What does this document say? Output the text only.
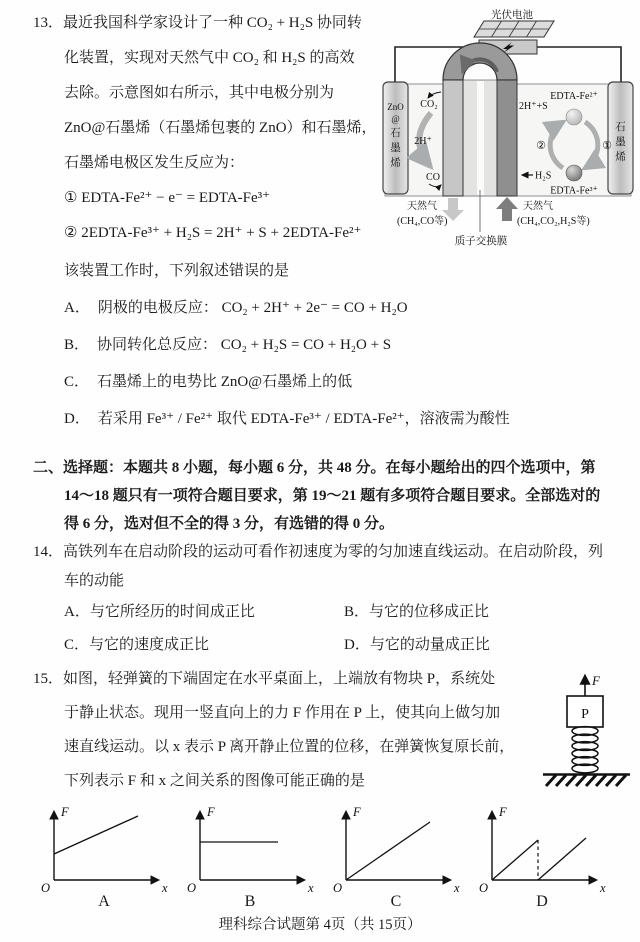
13．最近我国科学家设计了一种 CO₂ + H₂S 协同转
化装置，实现对天然气中 CO₂ 和 H₂S 的高效
去除。示意图如右所示，其中电极分别为
ZnO@石墨烯（石墨烯包裹的 ZnO）和石墨烯，
石墨烯电极区发生反应为：
① EDTA-Fe²⁺ − e⁻ = EDTA-Fe³⁺
② 2EDTA-Fe³⁺ + H₂S = 2H⁺ + S + 2EDTA-Fe²⁺
光伏电池
ZnO
@
石
墨
烯
石
墨
烯
CO₂
2H⁺
CO
2H⁺+S
EDTA-Fe²⁺
②	①
EDTA-Fe³⁺
H₂S
天然气
(CH₄,CO等)
天然气
(CH₄,CO₂,H₂S等)
质子交换膜
该装置工作时，下列叙述错误的是
A． 阴极的电极反应： CO₂ + 2H⁺ + 2e⁻ = CO + H₂O
B． 协同转化总反应： CO₂ + H₂S = CO + H₂O + S
C． 石墨烯上的电势比 ZnO@石墨烯上的低
D． 若采用 Fe³⁺ / Fe²⁺ 取代 EDTA-Fe³⁺ / EDTA-Fe²⁺，溶液需为酸性
二、选择题：本题共 8 小题，每小题 6 分，共 48 分。在每小题给出的四个选项中，第
14～18 题只有一项符合题目要求，第 19～21 题有多项符合题目要求。全部选对的
得 6 分，选对但不全的得 3 分，有选错的得 0 分。
14．高铁列车在启动阶段的运动可看作初速度为零的匀加速直线运动。在启动阶段，列
车的动能
A．与它所经历的时间成正比	B．与它的位移成正比
C．与它的速度成正比	D．与它的动量成正比
15．如图，轻弹簧的下端固定在水平桌面上，上端放有物块 P，系统处
于静止状态。现用一竖直向上的力 F 作用在 P 上，使其向上做匀加
速直线运动。以 x 表示 P 离开静止位置的位移，在弹簧恢复原长前，
下列表示 F 和 x 之间关系的图像可能正确的是
F
P
F
x
O
A
F
x
O
B
F
x
O
C
F
x
O
D
理科综合试题第 4页（共 15页）
